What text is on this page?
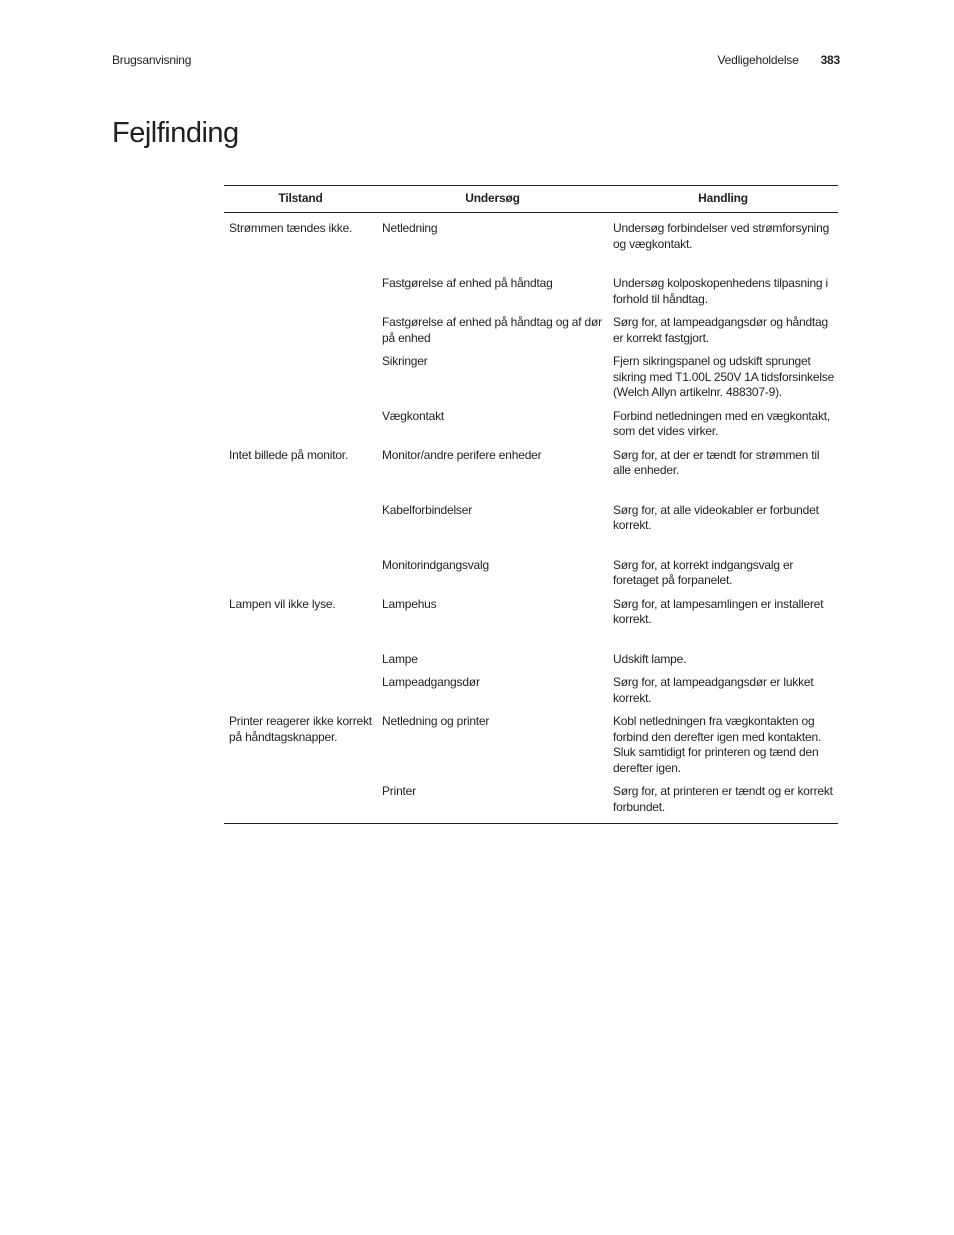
Brugsanvisning	Vedligeholdelse 383
Fejlfinding
Tilstand	Undersøg	Handling
Strømmen tændes ikke.	Netledning	Undersøg forbindelser ved strømforsyning og vægkontakt.
	Fastgørelse af enhed på håndtag	Undersøg kolposkopenhedens tilpasning i forhold til håndtag.
	Fastgørelse af enhed på håndtag og af dør på enhed	Sørg for, at lampeadgangsdør og håndtag er korrekt fastgjort.
	Sikringer	Fjern sikringspanel og udskift sprunget sikring med T1.00L 250V 1A tidsforsinkelse (Welch Allyn artikelnr. 488307-9).
	Vægkontakt	Forbind netledningen med en vægkontakt, som det vides virker.
Intet billede på monitor.	Monitor/andre perifere enheder	Sørg for, at der er tændt for strømmen til alle enheder.
	Kabelforbindelser	Sørg for, at alle videokabler er forbundet korrekt.
	Monitorindgangsvalg	Sørg for, at korrekt indgangsvalg er foretaget på forpanelet.
Lampen vil ikke lyse.	Lampehus	Sørg for, at lampesamlingen er installeret korrekt.
	Lampe	Udskift lampe.
	Lampeadgangsdør	Sørg for, at lampeadgangsdør er lukket korrekt.
Printer reagerer ikke korrekt på håndtagsknapper.	Netledning og printer	Kobl netledningen fra vægkontakten og forbind den derefter igen med kontakten. Sluk samtidigt for printeren og tænd den derefter igen.
	Printer	Sørg for, at printeren er tændt og er korrekt forbundet.
